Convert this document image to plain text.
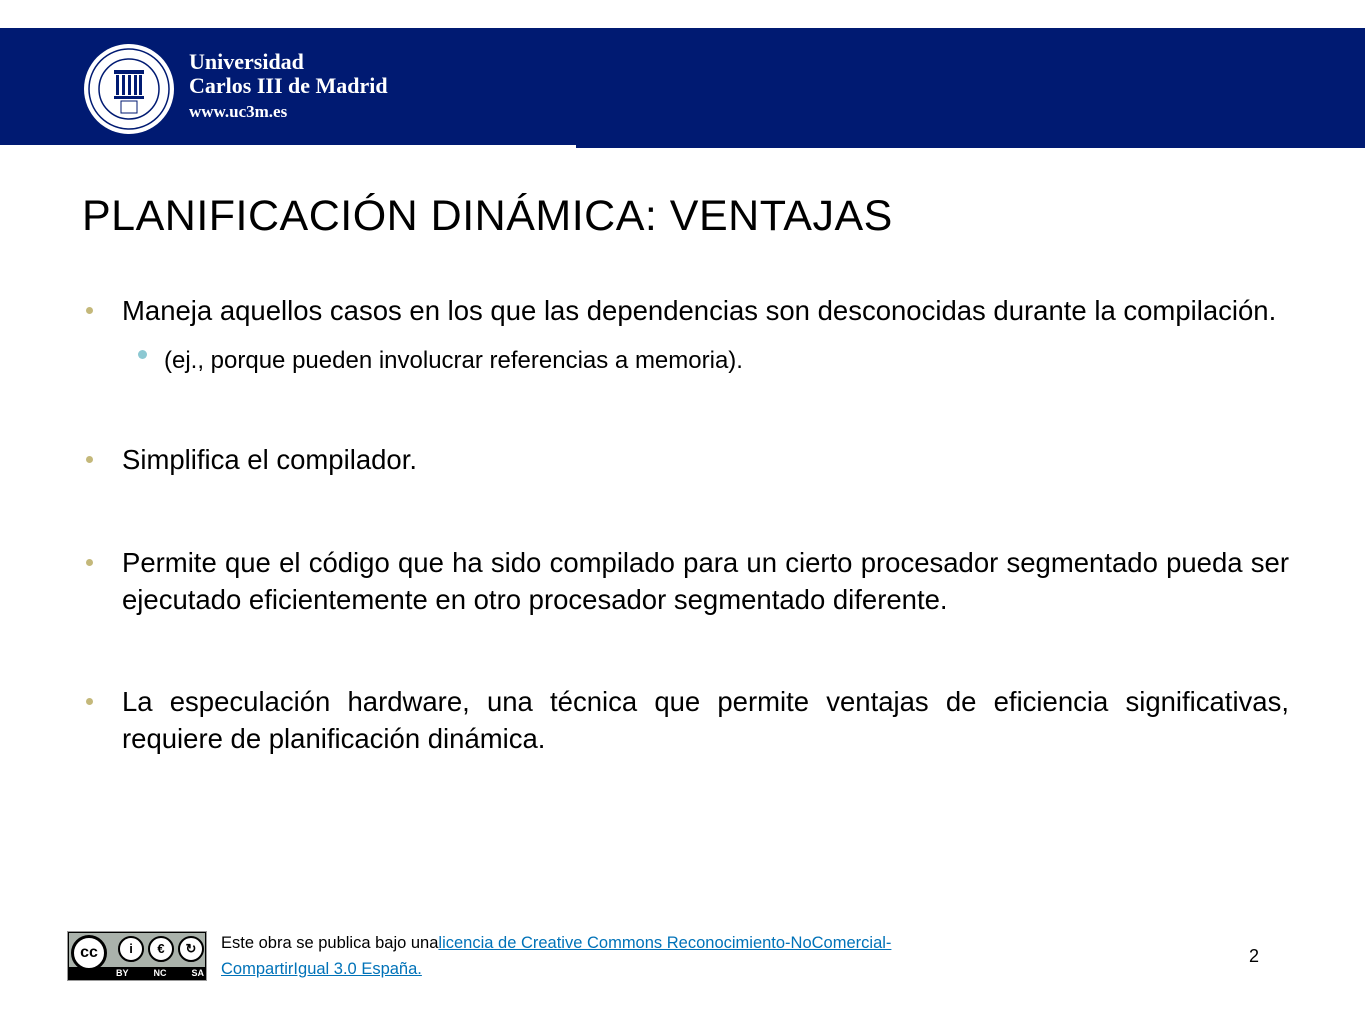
Universidad
Carlos III de Madrid
www.uc3m.es
PLANIFICACIÓN DINÁMICA: VENTAJAS
Maneja aquellos casos en los que las dependencias son desconocidas durante la compilación.
(ej., porque pueden involucrar referencias a memoria).
Simplifica el compilador.
Permite que el código que ha sido compilado para un cierto procesador segmentado pueda ser ejecutado eficientemente en otro procesador segmentado diferente.
La especulación hardware, una técnica que permite ventajas de eficiencia significativas, requiere de planificación dinámica.
cc	i	€	↻
BY	NC	SA
Este obra se publica bajo unalicencia de Creative Commons Reconocimiento-NoComercial-CompartirIgual 3.0 España.
2
